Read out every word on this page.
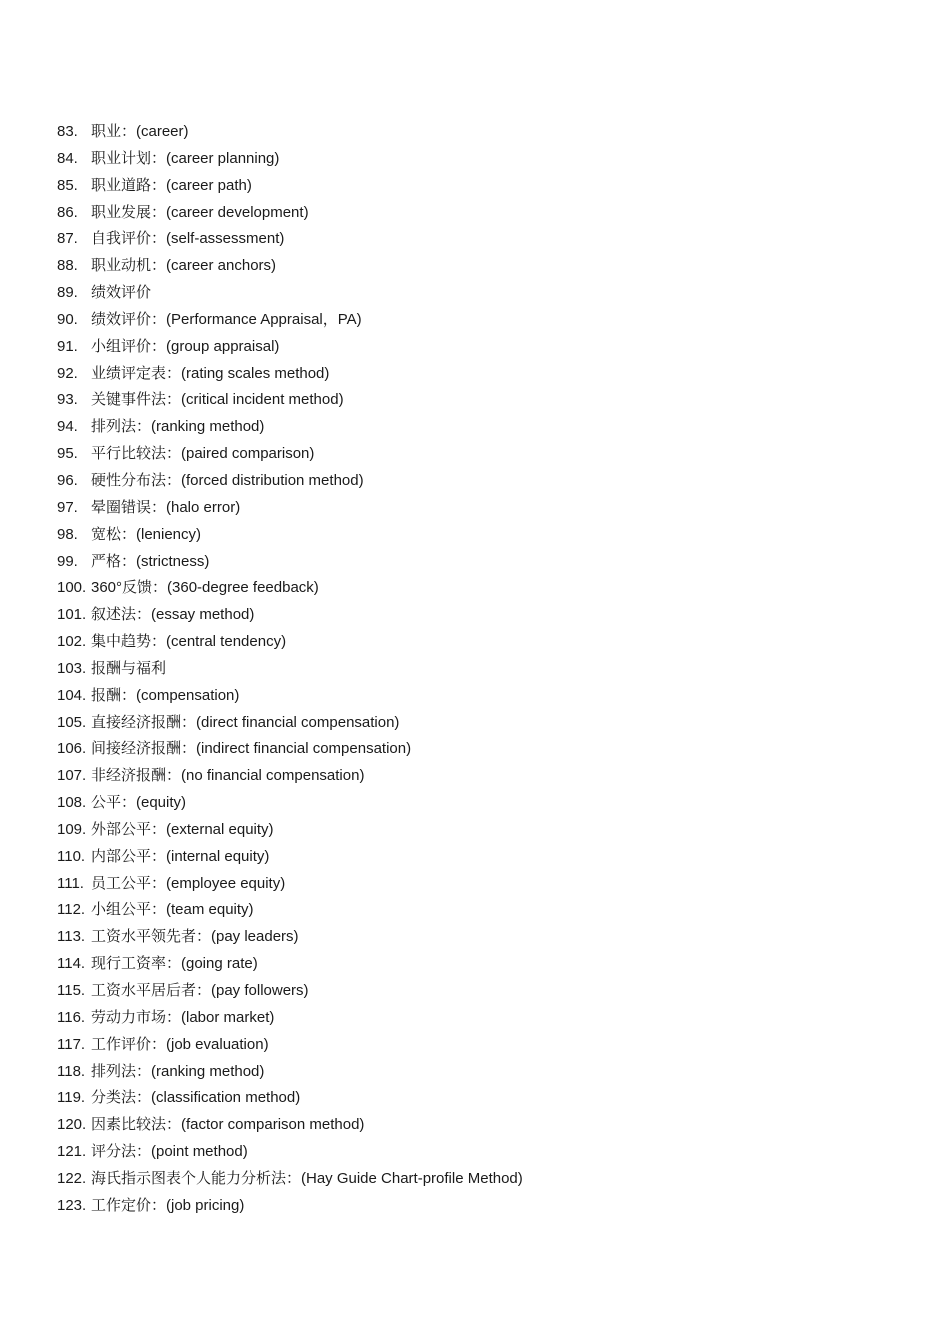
83. 职业：(career)
84. 职业计划：(career planning)
85. 职业道路：(career path)
86. 职业发展：(career development)
87. 自我评价：(self-assessment)
88. 职业动机：(career anchors)
89. 绩效评价
90. 绩效评价：(Performance Appraisal，PA)
91. 小组评价：(group appraisal)
92. 业绩评定表：(rating scales method)
93. 关键事件法：(critical incident method)
94. 排列法：(ranking method)
95. 平行比较法：(paired comparison)
96. 硬性分布法：(forced distribution method)
97. 晕圈错误：(halo error)
98. 宽松：(leniency)
99. 严格：(strictness)
100. 360°反馈：(360-degree feedback)
101. 叙述法：(essay method)
102. 集中趋势：(central tendency)
103. 报酬与福利
104. 报酬：(compensation)
105. 直接经济报酬：(direct financial compensation)
106. 间接经济报酬：(indirect financial compensation)
107. 非经济报酬：(no financial compensation)
108. 公平：(equity)
109. 外部公平：(external equity)
110. 内部公平：(internal equity)
111. 员工公平：(employee equity)
112. 小组公平：(team equity)
113. 工资水平领先者：(pay leaders)
114. 现行工资率：(going rate)
115. 工资水平居后者：(pay followers)
116. 劳动力市场：(labor market)
117. 工作评价：(job evaluation)
118. 排列法：(ranking method)
119. 分类法：(classification method)
120. 因素比较法：(factor comparison method)
121. 评分法：(point method)
122. 海氏指示图表个人能力分析法：(Hay Guide Chart-profile Method)
123. 工作定价：(job pricing)
